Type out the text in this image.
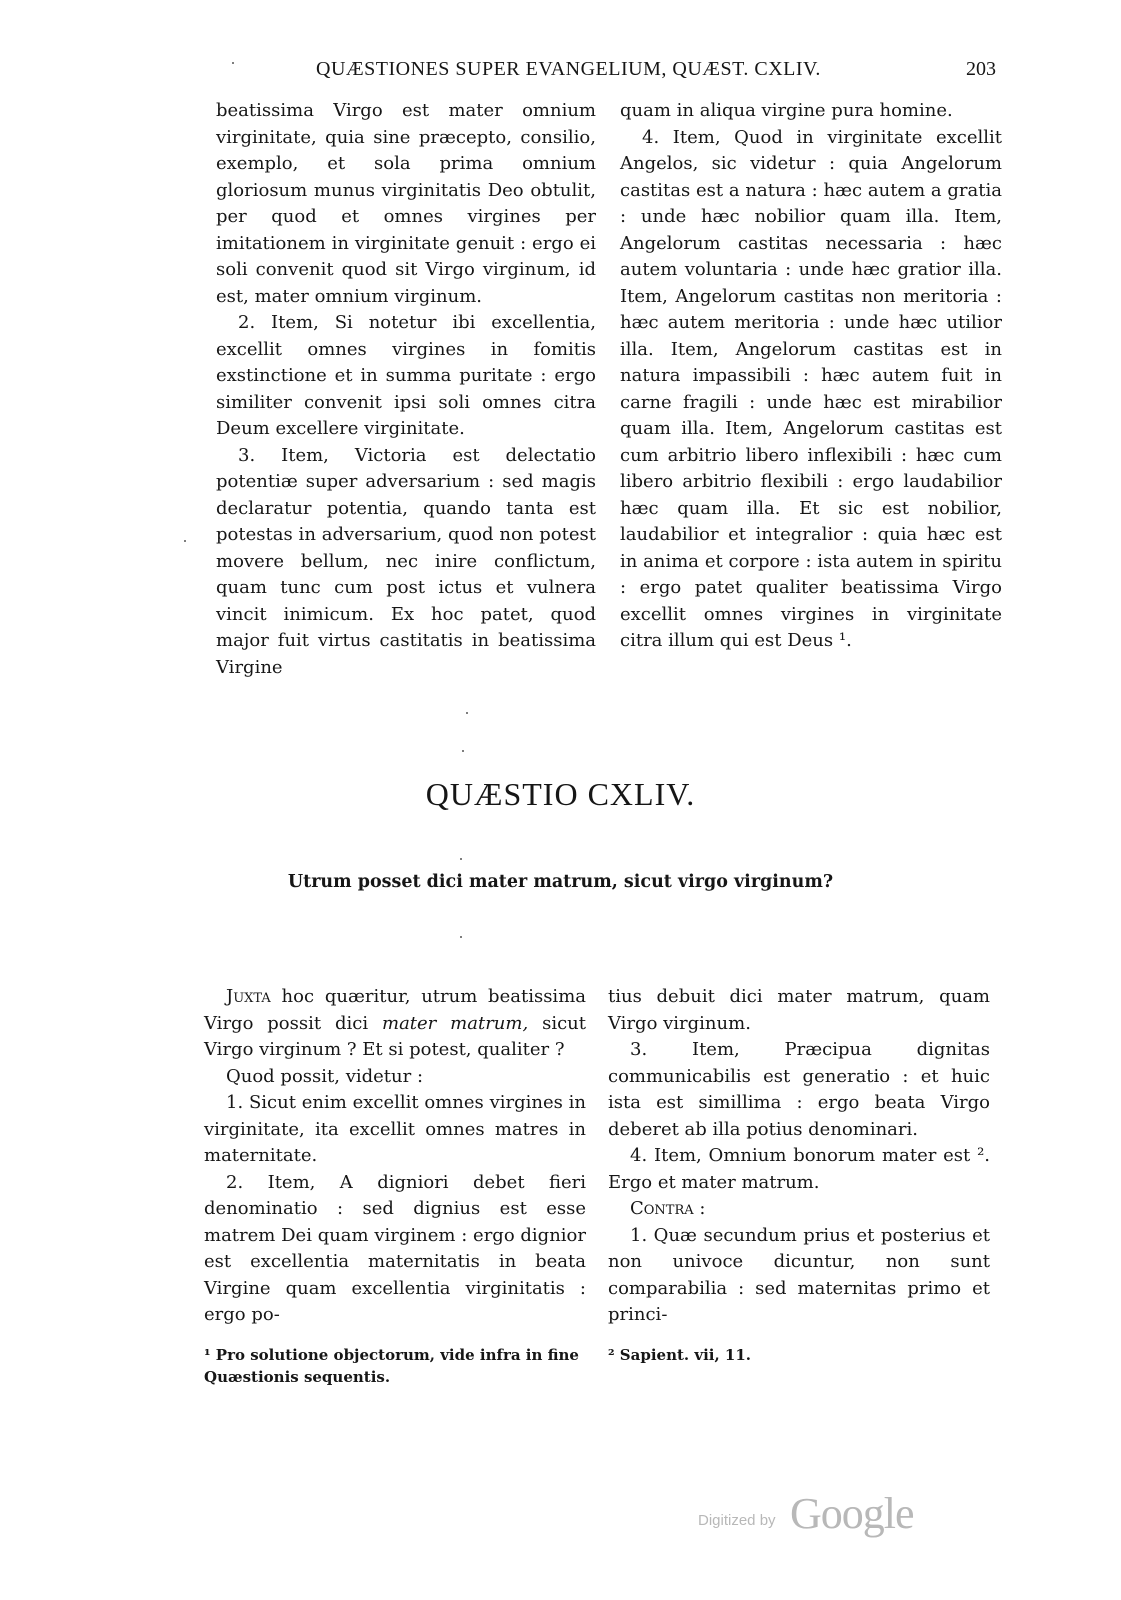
QUÆSTIONES SUPER EVANGELIUM, QUÆST. CXLIV.	203

beatissima Virgo est mater omnium virginitate, quia sine præcepto, consilio, exemplo, et sola prima omnium gloriosum munus virginitatis Deo obtulit, per quod et omnes virgines per imitationem in virginitate genuit : ergo ei soli convenit quod sit Virgo virginum, id est, mater omnium virginum.

2. Item, Si notetur ibi excellentia, excellit omnes virgines in fomitis exstinctione et in summa puritate : ergo similiter convenit ipsi soli omnes citra Deum excellere virginitate.

3. Item, Victoria est delectatio potentiæ super adversarium : sed magis declaratur potentia, quando tanta est potestas in adversarium, quod non potest movere bellum, nec inire conflictum, quam tunc cum post ictus et vulnera vincit inimicum. Ex hoc patet, quod major fuit virtus castitatis in beatissima Virgine

quam in aliqua virgine pura homine.

4. Item, Quod in virginitate excellit Angelos, sic videtur : quia Angelorum castitas est a natura : hæc autem a gratia : unde hæc nobilior quam illa. Item, Angelorum castitas necessaria : hæc autem voluntaria : unde hæc gratior illa. Item, Angelorum castitas non meritoria : hæc autem meritoria : unde hæc utilior illa. Item, Angelorum castitas est in natura impassibili : hæc autem fuit in carne fragili : unde hæc est mirabilior quam illa. Item, Angelorum castitas est cum arbitrio libero inflexibili : hæc cum libero arbitrio flexibili : ergo laudabilior hæc quam illa. Et sic est nobilior, laudabilior et integralior : quia hæc est in anima et corpore : ista autem in spiritu : ergo patet qualiter beatissima Virgo excellit omnes virgines in virginitate citra illum qui est Deus ¹.

QUÆSTIO CXLIV.
Utrum posset dici mater matrum, sicut virgo virginum?

Juxta hoc quæritur, utrum beatissima Virgo possit dici mater matrum, sicut Virgo virginum ? Et si potest, qualiter ?

Quod possit, videtur :

1. Sicut enim excellit omnes virgines in virginitate, ita excellit omnes matres in maternitate.

2. Item, A digniori debet fieri denominatio : sed dignius est esse matrem Dei quam virginem : ergo dignior est excellentia maternitatis in beata Virgine quam excellentia virginitatis : ergo po-

tius debuit dici mater matrum, quam Virgo virginum.

3. Item, Præcipua dignitas communicabilis est generatio : et huic ista est simillima : ergo beata Virgo deberet ab illa potius denominari.

4. Item, Omnium bonorum mater est ². Ergo et mater matrum.

Contra :

1. Quæ secundum prius et posterius et non univoce dicuntur, non sunt comparabilia : sed maternitas primo et princi-

¹ Pro solutione objectorum, vide infra in fine Quæstionis sequentis.
² Sapient. vii, 11.
Digitized by Google
